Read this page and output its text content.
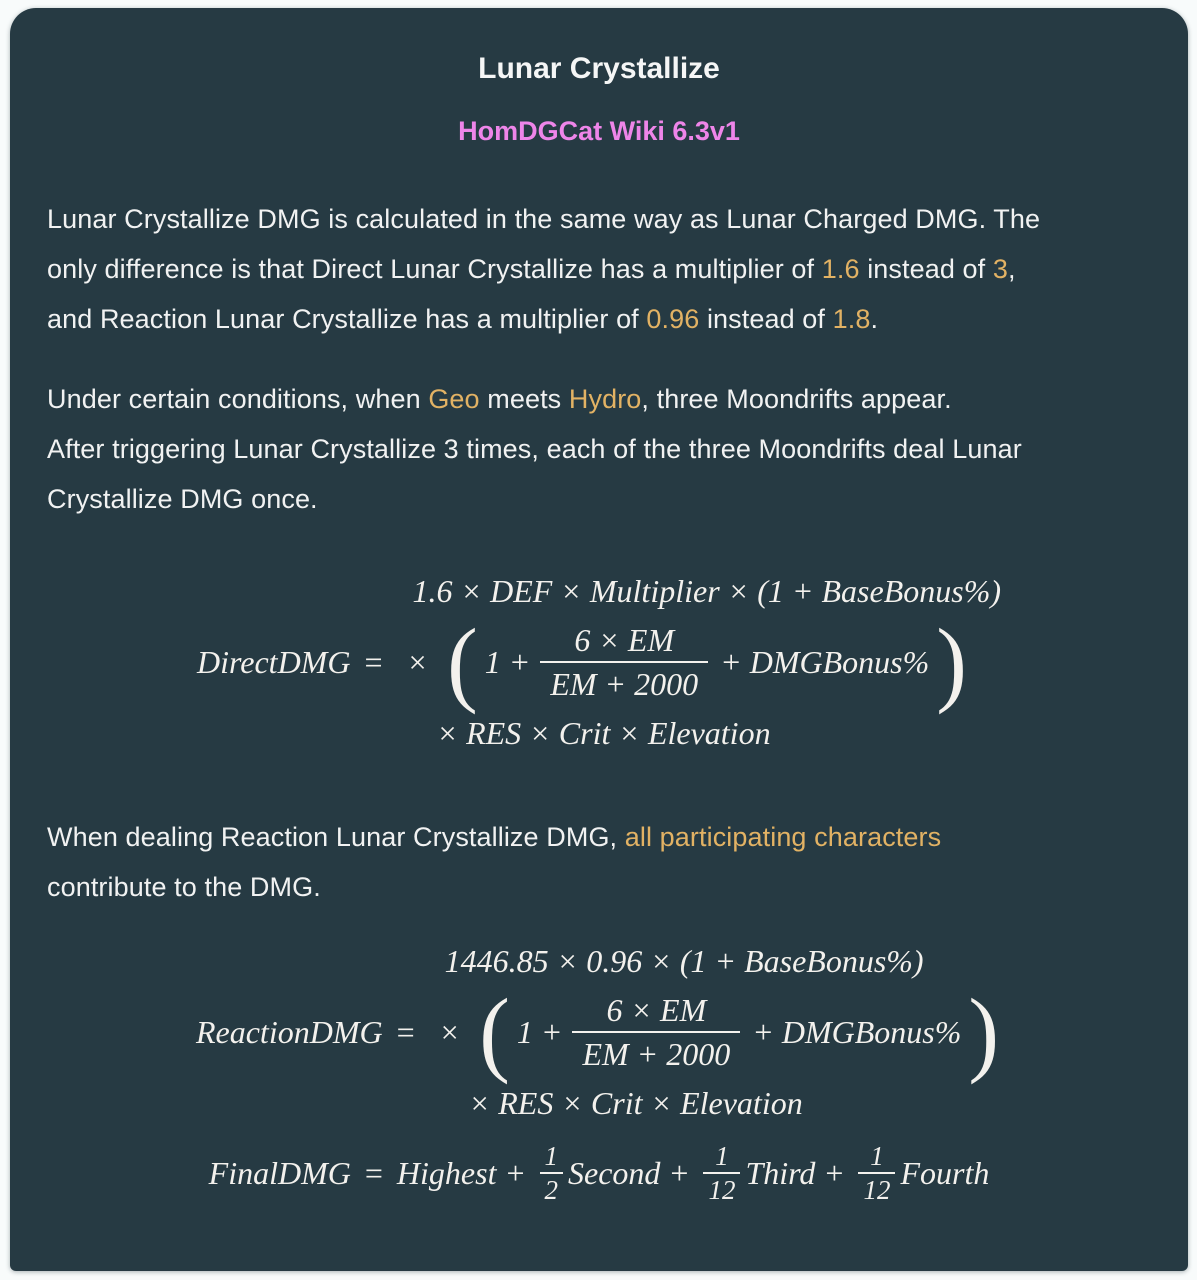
Lunar Crystallize
HomDGCat Wiki 6.3v1
Lunar Crystallize DMG is calculated in the same way as Lunar Charged DMG. The
only difference is that Direct Lunar Crystallize has a multiplier of 1.6 instead of 3,
and Reaction Lunar Crystallize has a multiplier of 0.96 instead of 1.8.
Under certain conditions, when Geo meets Hydro, three Moondrifts appear.
After triggering Lunar Crystallize 3 times, each of the three Moondrifts deal Lunar
Crystallize DMG once.
DirectDMG =
1.6 × DEF × Multiplier × (1 + BaseBonus%)
× ( $1 + \frac{6 \times EM}{EM + 2000}$ + DMGBonus% )
× RES × Crit × Elevation
When dealing Reaction Lunar Crystallize DMG, all participating characters
contribute to the DMG.
ReactionDMG =
1446.85 × 0.96 × (1 + BaseBonus%)
× ( $1 + \frac{6 \times EM}{EM + 2000}$ + DMGBonus% )
× RES × Crit × Elevation
FinalDMG = Highest + $\frac{1}{2}$ Second + $\frac{1}{12}$ Third + $\frac{1}{12}$ Fourth
